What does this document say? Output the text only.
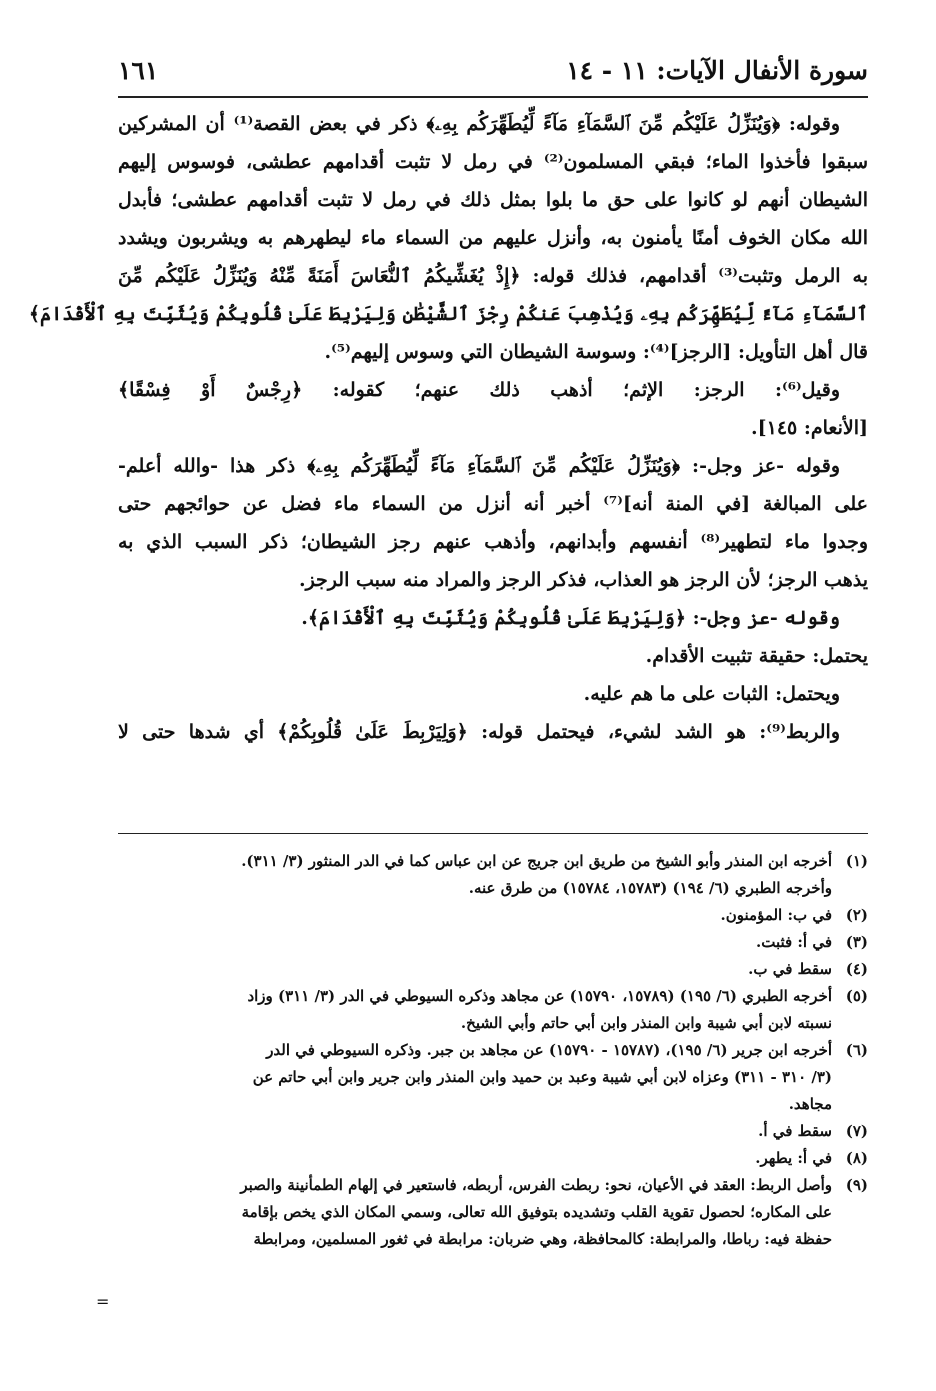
سورة الأنفال الآيات: ١١ - ١٤
١٦١
وقوله: ﴿وَيُنَزِّلُ عَلَيْكُم مِّنَ ٱلسَّمَآءِ مَآءً لِّيُطَهِّرَكُم بِهِۦ﴾ ذكر في بعض القصة⁽¹⁾ أن المشركين
سبقوا فأخذوا الماء؛ فبقي المسلمون⁽²⁾ في رمل لا تثبت أقدامهم عطشى، فوسوس إليهم
الشيطان أنهم لو كانوا على حق ما بلوا بمثل ذلك في رمل لا تثبت أقدامهم عطشى؛ فأبدل
الله مكان الخوف أمنًا يأمنون به، وأنزل عليهم من السماء ماء ليطهرهم به ويشربون ويشدد
به الرمل وتثبت⁽³⁾ أقدامهم، فذلك قوله: ﴿إِذْ يُغَشِّيكُمُ ٱلنُّعَاسَ أَمَنَةً مِّنْهُ وَيُنَزِّلُ عَلَيْكُم مِّنَ
ٱلسَّمَآءِ مَآءً لِّيُطَهِّرَكُم بِهِۦ وَيُذْهِبَ عَنكُمْ رِجْزَ ٱلشَّيْطَٰنِ وَلِيَرْبِطَ عَلَىٰ قُلُوبِكُمْ وَيُثَبِّتَ بِهِ ٱلْأَقْدَامَ﴾
قال أهل التأويل: [الرجز]⁽⁴⁾: وسوسة الشيطان التي وسوس إليهم⁽⁵⁾.
وقيل⁽⁶⁾: الرجز: الإثم؛ أذهب ذلك عنهم؛ كقوله: ﴿رِجْسٌ أَوْ فِسْقًا﴾
[الأنعام: ١٤٥].
وقوله -عز وجل-: ﴿وَيُنَزِّلُ عَلَيْكُم مِّنَ ٱلسَّمَآءِ مَآءً لِّيُطَهِّرَكُم بِهِۦ﴾ ذكر هذا -والله أعلم-
على المبالغة [في المنة أنه]⁽⁷⁾ أخبر أنه أنزل من السماء ماء فضل عن حوائجهم حتى
وجدوا ماء لتطهير⁽⁸⁾ أنفسهم وأبدانهم، وأذهب عنهم رجز الشيطان؛ ذكر السبب الذي به
يذهب الرجز؛ لأن الرجز هو العذاب، فذكر الرجز والمراد منه سبب الرجز.
وقوله -عز وجل-: ﴿وَلِيَرْبِطَ عَلَىٰ قُلُوبِكُمْ وَيُثَبِّتَ بِهِ ٱلْأَقْدَامَ﴾.
يحتمل: حقيقة تثبيت الأقدام.
ويحتمل: الثبات على ما هم عليه.
والربط⁽⁹⁾: هو الشد لشيء، فيحتمل قوله: ﴿وَلِيَرْبِطَ عَلَىٰ قُلُوبِكُمْ﴾ أي شدها حتى لا
(١)أخرجه ابن المنذر وأبو الشيخ من طريق ابن جريج عن ابن عباس كما في الدر المنثور (٣/ ٣١١).
وأخرجه الطبري (٦/ ١٩٤) (١٥٧٨٣، ١٥٧٨٤) من طرق عنه.
(٢)في ب: المؤمنون.
(٣)في أ: فثبت.
(٤)سقط في ب.
(٥)أخرجه الطبري (٦/ ١٩٥) (١٥٧٨٩، ١٥٧٩٠) عن مجاهد وذكره السيوطي في الدر (٣/ ٣١١) وزاد
نسبته لابن أبي شيبة وابن المنذر وابن أبي حاتم وأبي الشيخ.
(٦)أخرجه ابن جرير (٦/ ١٩٥)، (١٥٧٨٧ - ١٥٧٩٠) عن مجاهد بن جبر. وذكره السيوطي في الدر
(٣/ ٣١٠ - ٣١١) وعزاه لابن أبي شيبة وعبد بن حميد وابن المنذر وابن جرير وابن أبي حاتم عن
مجاهد.
(٧)سقط في أ.
(٨)في أ: يطهر.
(٩)وأصل الربط: العقد في الأعيان، نحو: ربطت الفرس، أربطه، فاستعير في إلهام الطمأنينة والصبر
على المكاره؛ لحصول تقوية القلب وتشديده بتوفيق الله تعالى، وسمي المكان الذي يخص بإقامة
حفظة فيه: رباطا، والمرابطة: كالمحافظة، وهي ضربان: مرابطة في ثغور المسلمين، ومرابطة
=
